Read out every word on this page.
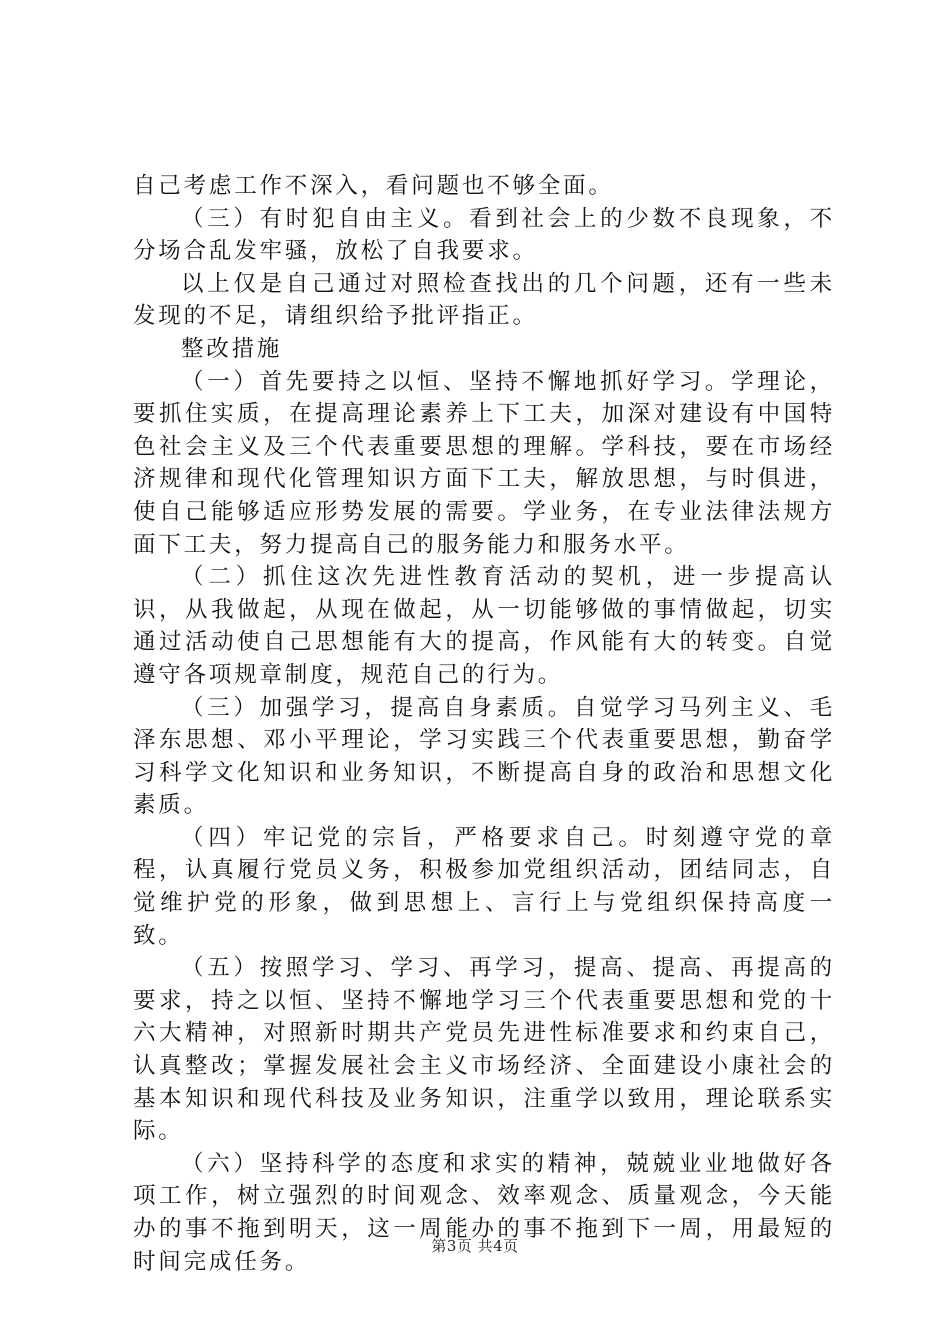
自己考虑工作不深入，看问题也不够全面。

（三）有时犯自由主义。看到社会上的少数不良现象，不分场合乱发牢骚，放松了自我要求。

以上仅是自己通过对照检查找出的几个问题，还有一些未发现的不足，请组织给予批评指正。

整改措施

（一）首先要持之以恒、坚持不懈地抓好学习。学理论，要抓住实质，在提高理论素养上下工夫，加深对建设有中国特色社会主义及三个代表重要思想的理解。学科技，要在市场经济规律和现代化管理知识方面下工夫，解放思想，与时俱进，使自己能够适应形势发展的需要。学业务，在专业法律法规方面下工夫，努力提高自己的服务能力和服务水平。

（二）抓住这次先进性教育活动的契机，进一步提高认识，从我做起，从现在做起，从一切能够做的事情做起，切实通过活动使自己思想能有大的提高，作风能有大的转变。自觉遵守各项规章制度，规范自己的行为。

（三）加强学习，提高自身素质。自觉学习马列主义、毛泽东思想、邓小平理论，学习实践三个代表重要思想，勤奋学习科学文化知识和业务知识，不断提高自身的政治和思想文化素质。

（四）牢记党的宗旨，严格要求自己。时刻遵守党的章程，认真履行党员义务，积极参加党组织活动，团结同志，自觉维护党的形象，做到思想上、言行上与党组织保持高度一致。

（五）按照学习、学习、再学习，提高、提高、再提高的要求，持之以恒、坚持不懈地学习三个代表重要思想和党的十六大精神，对照新时期共产党员先进性标准要求和约束自己，认真整改；掌握发展社会主义市场经济、全面建设小康社会的基本知识和现代科技及业务知识，注重学以致用，理论联系实际。

（六）坚持科学的态度和求实的精神，兢兢业业地做好各项工作，树立强烈的时间观念、效率观念、质量观念，今天能办的事不拖到明天，这一周能办的事不拖到下一周，用最短的时间完成任务。

第3页 共4页
